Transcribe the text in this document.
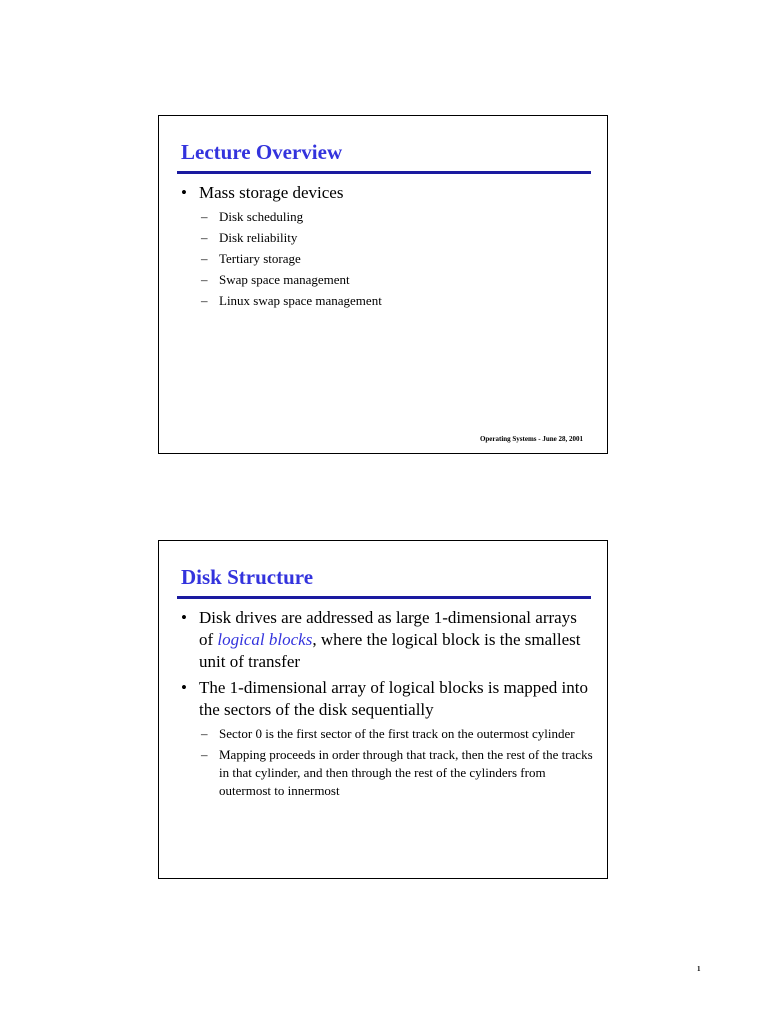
Lecture Overview
• Mass storage devices
– Disk scheduling
– Disk reliability
– Tertiary storage
– Swap space management
– Linux swap space management
Operating Systems - June 28, 2001
Disk Structure
• Disk drives are addressed as large 1-dimensional arrays of logical blocks, where the logical block is the smallest unit of transfer
• The 1-dimensional array of logical blocks is mapped into the sectors of the disk sequentially
– Sector 0 is the first sector of the first track on the outermost cylinder
– Mapping proceeds in order through that track, then the rest of the tracks in that cylinder, and then through the rest of the cylinders from outermost to innermost
1
